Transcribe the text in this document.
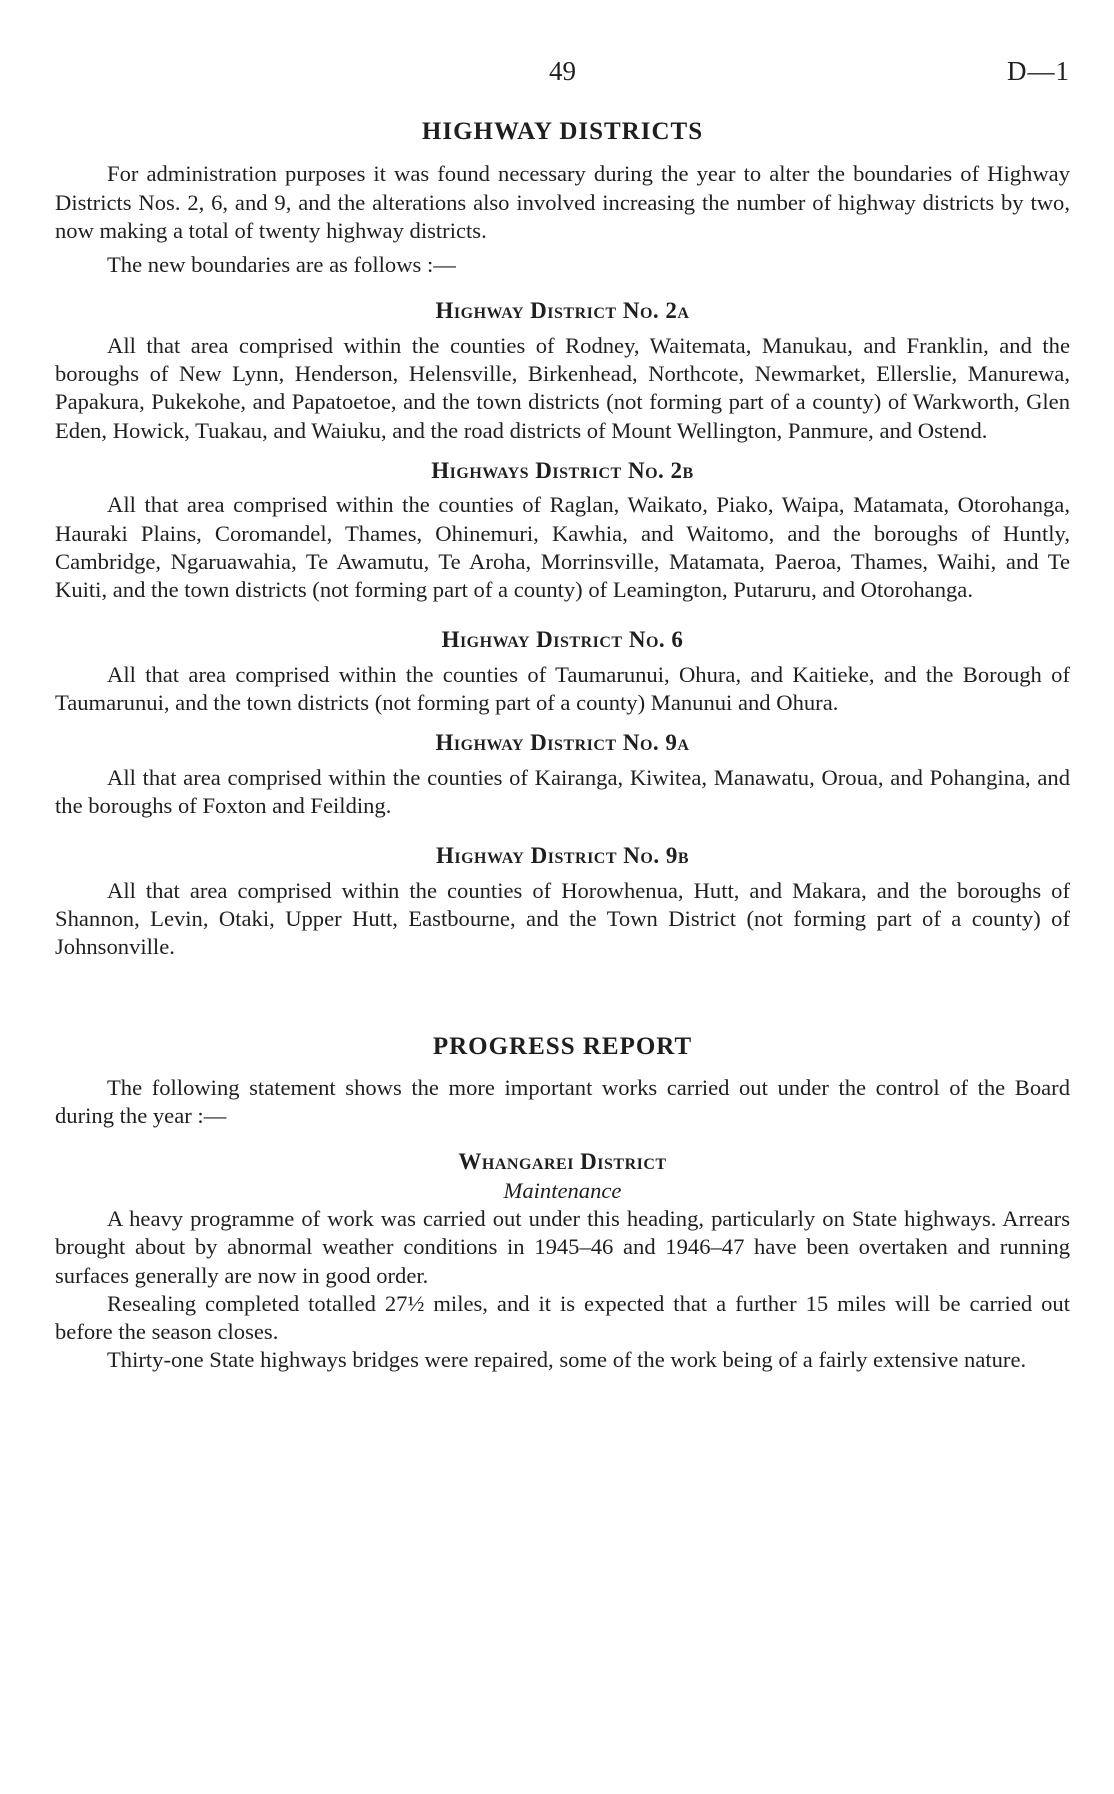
49	D—1
HIGHWAY DISTRICTS

For administration purposes it was found necessary during the year to alter the boundaries of Highway Districts Nos. 2, 6, and 9, and the alterations also involved increasing the number of highway districts by two, now making a total of twenty highway districts.

The new boundaries are as follows :—

Highway District No. 2a

All that area comprised within the counties of Rodney, Waitemata, Manukau, and Franklin, and the boroughs of New Lynn, Henderson, Helensville, Birkenhead, Northcote, Newmarket, Ellerslie, Manurewa, Papakura, Pukekohe, and Papatoetoe, and the town districts (not forming part of a county) of Warkworth, Glen Eden, Howick, Tuakau, and Waiuku, and the road districts of Mount Wellington, Panmure, and Ostend.

Highways District No. 2b

All that area comprised within the counties of Raglan, Waikato, Piako, Waipa, Matamata, Otorohanga, Hauraki Plains, Coromandel, Thames, Ohinemuri, Kawhia, and Waitomo, and the boroughs of Huntly, Cambridge, Ngaruawahia, Te Awamutu, Te Aroha, Morrinsville, Matamata, Paeroa, Thames, Waihi, and Te Kuiti, and the town districts (not forming part of a county) of Leamington, Putaruru, and Otorohanga.

Highway District No. 6

All that area comprised within the counties of Taumarunui, Ohura, and Kaitieke, and the Borough of Taumarunui, and the town districts (not forming part of a county) Manunui and Ohura.

Highway District No. 9a

All that area comprised within the counties of Kairanga, Kiwitea, Manawatu, Oroua, and Pohangina, and the boroughs of Foxton and Feilding.

Highway District No. 9b

All that area comprised within the counties of Horowhenua, Hutt, and Makara, and the boroughs of Shannon, Levin, Otaki, Upper Hutt, Eastbourne, and the Town District (not forming part of a county) of Johnsonville.

PROGRESS REPORT

The following statement shows the more important works carried out under the control of the Board during the year :—

Whangarei District
Maintenance

A heavy programme of work was carried out under this heading, particularly on State highways. Arrears brought about by abnormal weather conditions in 1945–46 and 1946–47 have been overtaken and running surfaces generally are now in good order.

Resealing completed totalled 27½ miles, and it is expected that a further 15 miles will be carried out before the season closes.

Thirty-one State highways bridges were repaired, some of the work being of a fairly extensive nature.
